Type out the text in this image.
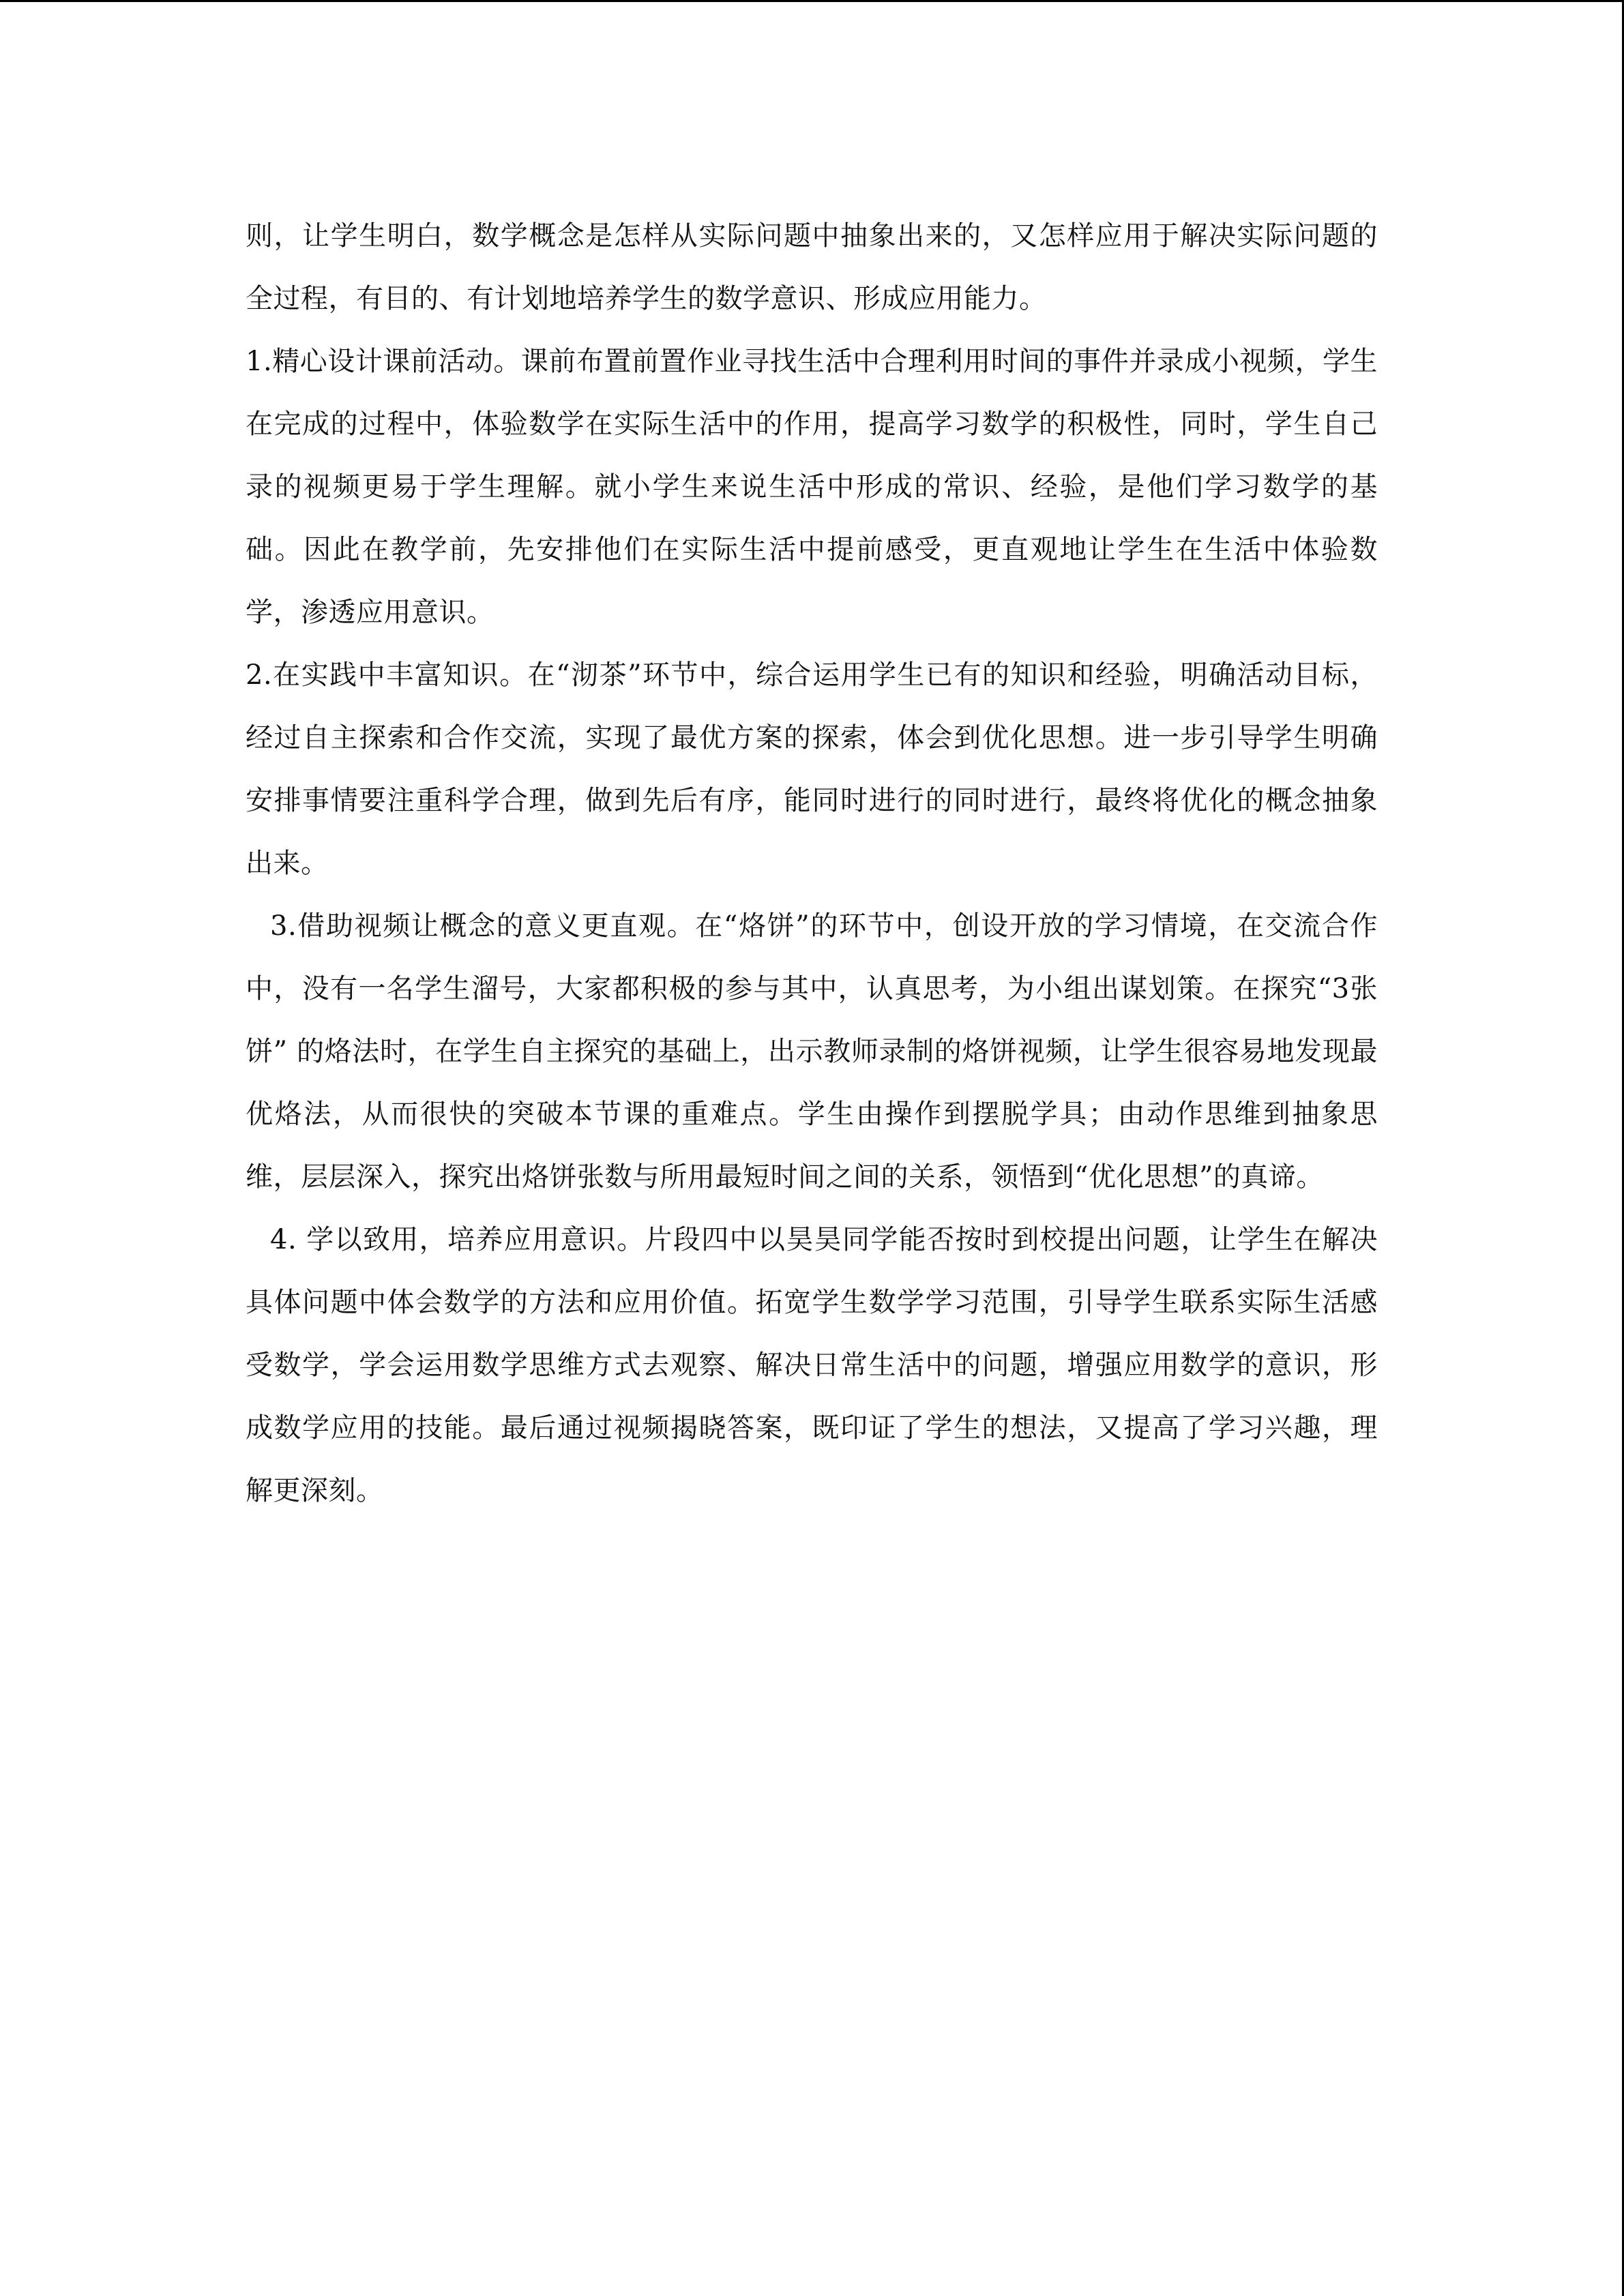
则，让学生明白，数学概念是怎样从实际问题中抽象出来的，又怎样应用于解决实际问题的全过程，有目的、有计划地培养学生的数学意识、形成应用能力。

1.精心设计课前活动。课前布置前置作业寻找生活中合理利用时间的事件并录成小视频，学生在完成的过程中，体验数学在实际生活中的作用，提高学习数学的积极性，同时，学生自己录的视频更易于学生理解。就小学生来说生活中形成的常识、经验，是他们学习数学的基础。因此在教学前，先安排他们在实际生活中提前感受，更直观地让学生在生活中体验数学，渗透应用意识。

2.在实践中丰富知识。在“沏茶”环节中，综合运用学生已有的知识和经验，明确活动目标，经过自主探索和合作交流，实现了最优方案的探索，体会到优化思想。进一步引导学生明确安排事情要注重科学合理，做到先后有序，能同时进行的同时进行，最终将优化的概念抽象出来。

3.借助视频让概念的意义更直观。在“烙饼”的环节中，创设开放的学习情境，在交流合作中，没有一名学生溜号，大家都积极的参与其中，认真思考，为小组出谋划策。在探究“3张饼” 的烙法时，在学生自主探究的基础上，出示教师录制的烙饼视频，让学生很容易地发现最优烙法，从而很快的突破本节课的重难点。学生由操作到摆脱学具；由动作思维到抽象思维，层层深入，探究出烙饼张数与所用最短时间之间的关系，领悟到“优化思想”的真谛。

4. 学以致用，培养应用意识。片段四中以昊昊同学能否按时到校提出问题，让学生在解决具体问题中体会数学的方法和应用价值。拓宽学生数学学习范围，引导学生联系实际生活感受数学，学会运用数学思维方式去观察、解决日常生活中的问题，增强应用数学的意识，形成数学应用的技能。最后通过视频揭晓答案，既印证了学生的想法，又提高了学习兴趣，理解更深刻。
